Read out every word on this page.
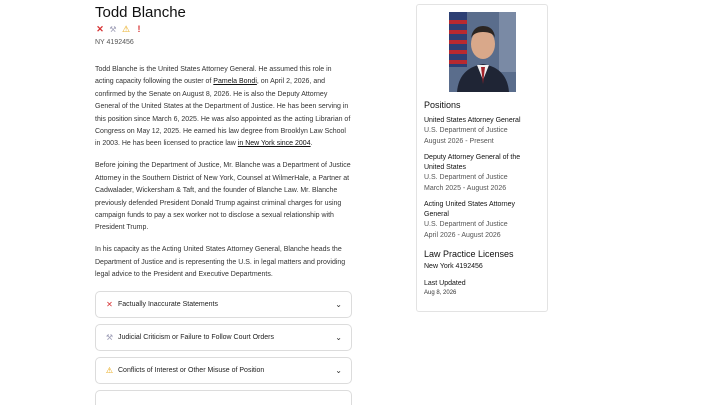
Todd Blanche
✕ ⚒ ⚠ !
NY 4192456

Todd Blanche is the United States Attorney General. He assumed this role in acting capacity following the ouster of Pamela Bondi, on April 2, 2026, and confirmed by the Senate on August 8, 2026. He is also the Deputy Attorney General of the United States at the Department of Justice. He has been serving in this position since March 6, 2025. He was also appointed as the acting Librarian of Congress on May 12, 2025. He earned his law degree from Brooklyn Law School in 2003. He has been licensed to practice law in New York since 2004.

Before joining the Department of Justice, Mr. Blanche was a Department of Justice Attorney in the Southern District of New York, Counsel at WilmerHale, a Partner at Cadwalader, Wickersham & Taft, and the founder of Blanche Law. Mr. Blanche previously defended President Donald Trump against criminal charges for using campaign funds to pay a sex worker not to disclose a sexual relationship with President Trump.

In his capacity as the Acting United States Attorney General, Blanche heads the Department of Justice and is representing the U.S. in legal matters and providing legal advice to the President and Executive Departments.

✕ Factually Inaccurate Statements	⌄
⚒ Judicial Criticism or Failure to Follow Court Orders	⌄
⚠ Conflicts of Interest or Other Misuse of Position	⌄
Positions
United States Attorney General
U.S. Department of Justice
August 2026 - Present
Deputy Attorney General of the United States
U.S. Department of Justice
March 2025 - August 2026
Acting United States Attorney General
U.S. Department of Justice
April 2026 - August 2026
Law Practice Licenses
New York 4192456
Last Updated
Aug 8, 2026
